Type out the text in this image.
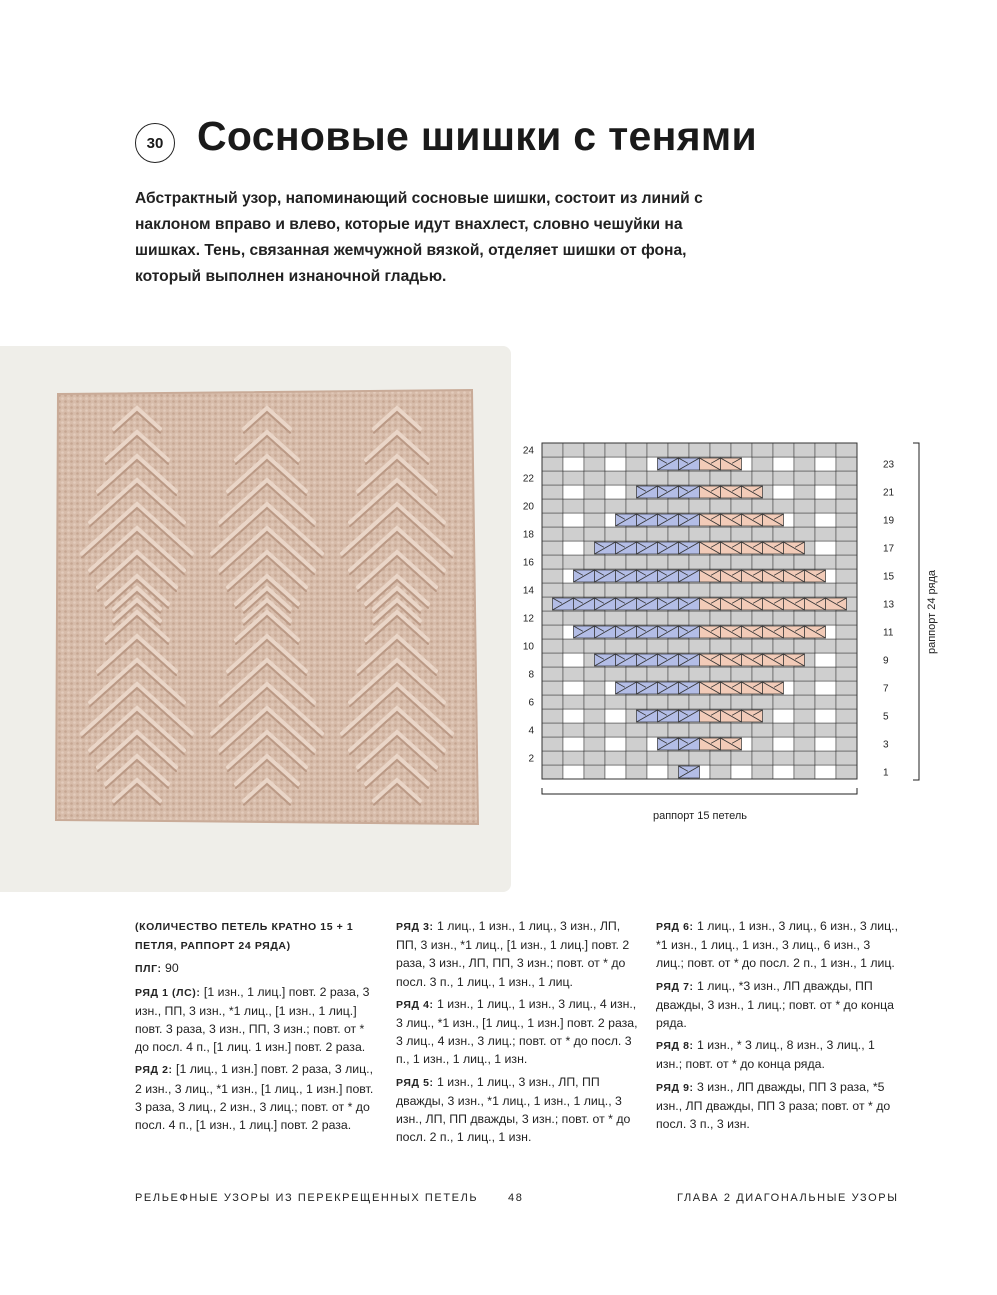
30 Сосновые шишки с тенями
Абстрактный узор, напоминающий сосновые шишки, состоит из линий с наклоном вправо и влево, которые идут внахлест, словно чешуйки на шишках. Тень, связанная жемчужной вязкой, отделяет шишки от фона, который выполнен изнаночной гладью.
24
22
20
18
16
14
12
10
8
6
4
2
23
21
19
17
15
13
11
9
7
5
3
1
раппорт 15 петель
раппорт 24 ряда

(КОЛИЧЕСТВО ПЕТЕЛЬ КРАТНО 15 + 1 ПЕТЛЯ, РАППОРТ 24 РЯДА)

ПЛГ: 90

РЯД 1 (ЛС): [1 изн., 1 лиц.] повт. 2 раза, 3 изн., ПП, 3 изн., *1 лиц., [1 изн., 1 лиц.] повт. 3 раза, 3 изн., ПП, 3 изн.; повт. от * до посл. 4 п., [1 лиц. 1 изн.] повт. 2 раза.

РЯД 2: [1 лиц., 1 изн.] повт. 2 раза, 3 лиц., 2 изн., 3 лиц., *1 изн., [1 лиц., 1 изн.] повт. 3 раза, 3 лиц., 2 изн., 3 лиц.; повт. от * до посл. 4 п., [1 изн., 1 лиц.] повт. 2 раза.

РЯД 3: 1 лиц., 1 изн., 1 лиц., 3 изн., ЛП, ПП, 3 изн., *1 лиц., [1 изн., 1 лиц.] повт. 2 раза, 3 изн., ЛП, ПП, 3 изн.; повт. от * до посл. 3 п., 1 лиц., 1 изн., 1 лиц.

РЯД 4: 1 изн., 1 лиц., 1 изн., 3 лиц., 4 изн., 3 лиц., *1 изн., [1 лиц., 1 изн.] повт. 2 раза, 3 лиц., 4 изн., 3 лиц.; повт. от * до посл. 3 п., 1 изн., 1 лиц., 1 изн.

РЯД 5: 1 изн., 1 лиц., 3 изн., ЛП, ПП дважды, 3 изн., *1 лиц., 1 изн., 1 лиц., 3 изн., ЛП, ПП дважды, 3 изн.; повт. от * до посл. 2 п., 1 лиц., 1 изн.

РЯД 6: 1 лиц., 1 изн., 3 лиц., 6 изн., 3 лиц., *1 изн., 1 лиц., 1 изн., 3 лиц., 6 изн., 3 лиц.; повт. от * до посл. 2 п., 1 изн., 1 лиц.

РЯД 7: 1 лиц., *3 изн., ЛП дважды, ПП дважды, 3 изн., 1 лиц.; повт. от * до конца ряда.

РЯД 8: 1 изн., * 3 лиц., 8 изн., 3 лиц., 1 изн.; повт. от * до конца ряда.

РЯД 9: 3 изн., ЛП дважды, ПП 3 раза, *5 изн., ЛП дважды, ПП 3 раза; повт. от * до посл. 3 п., 3 изн.

РЕЛЬЕФНЫЕ УЗОРЫ ИЗ ПЕРЕКРЕЩЕННЫХ ПЕТЕЛЬ	48	ГЛАВА 2 ДИАГОНАЛЬНЫЕ УЗОРЫ
